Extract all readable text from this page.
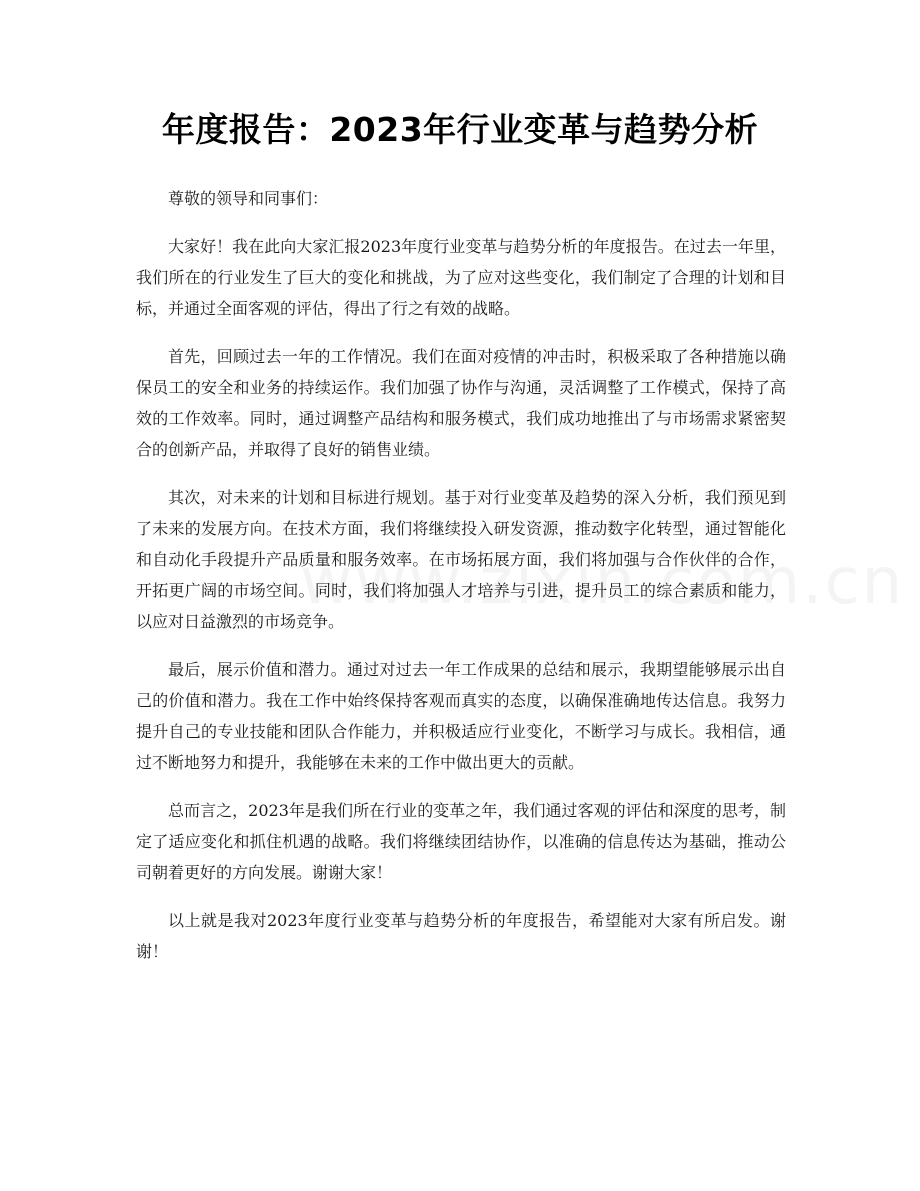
年度报告：2023年行业变革与趋势分析

尊敬的领导和同事们：

大家好！我在此向大家汇报2023年度行业变革与趋势分析的年度报告。在过去一年里，我们所在的行业发生了巨大的变化和挑战，为了应对这些变化，我们制定了合理的计划和目标，并通过全面客观的评估，得出了行之有效的战略。

首先，回顾过去一年的工作情况。我们在面对疫情的冲击时，积极采取了各种措施以确保员工的安全和业务的持续运作。我们加强了协作与沟通，灵活调整了工作模式，保持了高效的工作效率。同时，通过调整产品结构和服务模式，我们成功地推出了与市场需求紧密契合的创新产品，并取得了良好的销售业绩。

其次，对未来的计划和目标进行规划。基于对行业变革及趋势的深入分析，我们预见到了未来的发展方向。在技术方面，我们将继续投入研发资源，推动数字化转型，通过智能化和自动化手段提升产品质量和服务效率。在市场拓展方面，我们将加强与合作伙伴的合作，开拓更广阔的市场空间。同时，我们将加强人才培养与引进，提升员工的综合素质和能力，以应对日益激烈的市场竞争。

最后，展示价值和潜力。通过对过去一年工作成果的总结和展示，我期望能够展示出自己的价值和潜力。我在工作中始终保持客观而真实的态度，以确保准确地传达信息。我努力提升自己的专业技能和团队合作能力，并积极适应行业变化，不断学习与成长。我相信，通过不断地努力和提升，我能够在未来的工作中做出更大的贡献。

总而言之，2023年是我们所在行业的变革之年，我们通过客观的评估和深度的思考，制定了适应变化和抓住机遇的战略。我们将继续团结协作，以准确的信息传达为基础，推动公司朝着更好的方向发展。谢谢大家！

以上就是我对2023年度行业变革与趋势分析的年度报告，希望能对大家有所启发。谢谢！
